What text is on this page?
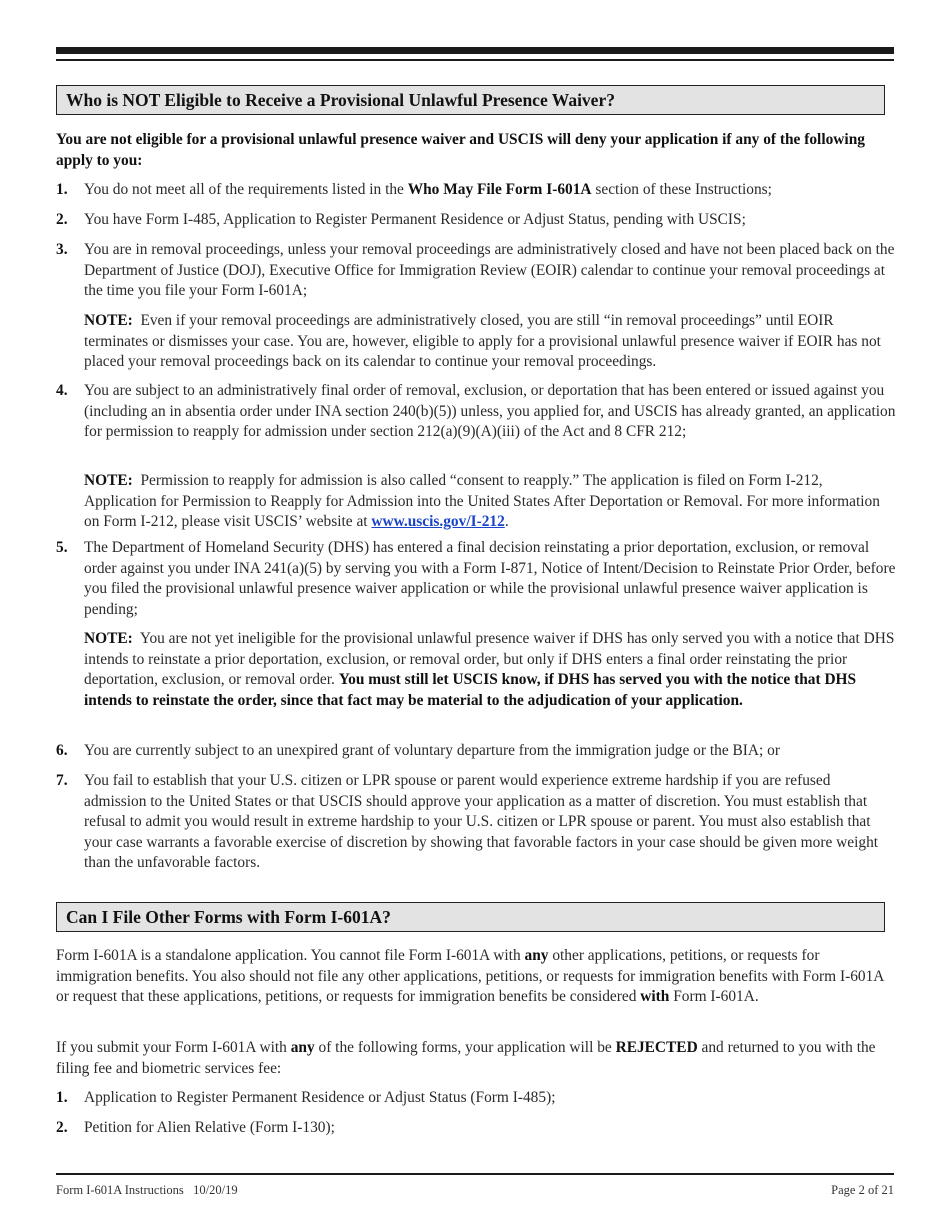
Who is NOT Eligible to Receive a Provisional Unlawful Presence Waiver?
You are not eligible for a provisional unlawful presence waiver and USCIS will deny your application if any of the following apply to you:
1. You do not meet all of the requirements listed in the Who May File Form I-601A section of these Instructions;
2. You have Form I-485, Application to Register Permanent Residence or Adjust Status, pending with USCIS;
3. You are in removal proceedings, unless your removal proceedings are administratively closed and have not been placed back on the Department of Justice (DOJ), Executive Office for Immigration Review (EOIR) calendar to continue your removal proceedings at the time you file your Form I-601A;
NOTE: Even if your removal proceedings are administratively closed, you are still “in removal proceedings” until EOIR terminates or dismisses your case. You are, however, eligible to apply for a provisional unlawful presence waiver if EOIR has not placed your removal proceedings back on its calendar to continue your removal proceedings.
4. You are subject to an administratively final order of removal, exclusion, or deportation that has been entered or issued against you (including an in absentia order under INA section 240(b)(5)) unless, you applied for, and USCIS has already granted, an application for permission to reapply for admission under section 212(a)(9)(A)(iii) of the Act and 8 CFR 212;
NOTE: Permission to reapply for admission is also called “consent to reapply.” The application is filed on Form I-212, Application for Permission to Reapply for Admission into the United States After Deportation or Removal. For more information on Form I-212, please visit USCIS’ website at www.uscis.gov/I-212.
5. The Department of Homeland Security (DHS) has entered a final decision reinstating a prior deportation, exclusion, or removal order against you under INA 241(a)(5) by serving you with a Form I-871, Notice of Intent/Decision to Reinstate Prior Order, before you filed the provisional unlawful presence waiver application or while the provisional unlawful presence waiver application is pending;
NOTE: You are not yet ineligible for the provisional unlawful presence waiver if DHS has only served you with a notice that DHS intends to reinstate a prior deportation, exclusion, or removal order, but only if DHS enters a final order reinstating the prior deportation, exclusion, or removal order. You must still let USCIS know, if DHS has served you with the notice that DHS intends to reinstate the order, since that fact may be material to the adjudication of your application.
6. You are currently subject to an unexpired grant of voluntary departure from the immigration judge or the BIA; or
7. You fail to establish that your U.S. citizen or LPR spouse or parent would experience extreme hardship if you are refused admission to the United States or that USCIS should approve your application as a matter of discretion. You must establish that refusal to admit you would result in extreme hardship to your U.S. citizen or LPR spouse or parent. You must also establish that your case warrants a favorable exercise of discretion by showing that favorable factors in your case should be given more weight than the unfavorable factors.
Can I File Other Forms with Form I-601A?
Form I-601A is a standalone application. You cannot file Form I-601A with any other applications, petitions, or requests for immigration benefits. You also should not file any other applications, petitions, or requests for immigration benefits with Form I-601A or request that these applications, petitions, or requests for immigration benefits be considered with Form I-601A.
If you submit your Form I-601A with any of the following forms, your application will be REJECTED and returned to you with the filing fee and biometric services fee:
1. Application to Register Permanent Residence or Adjust Status (Form I-485);
2. Petition for Alien Relative (Form I-130);
Form I-601A Instructions   10/20/19	Page 2 of 21
